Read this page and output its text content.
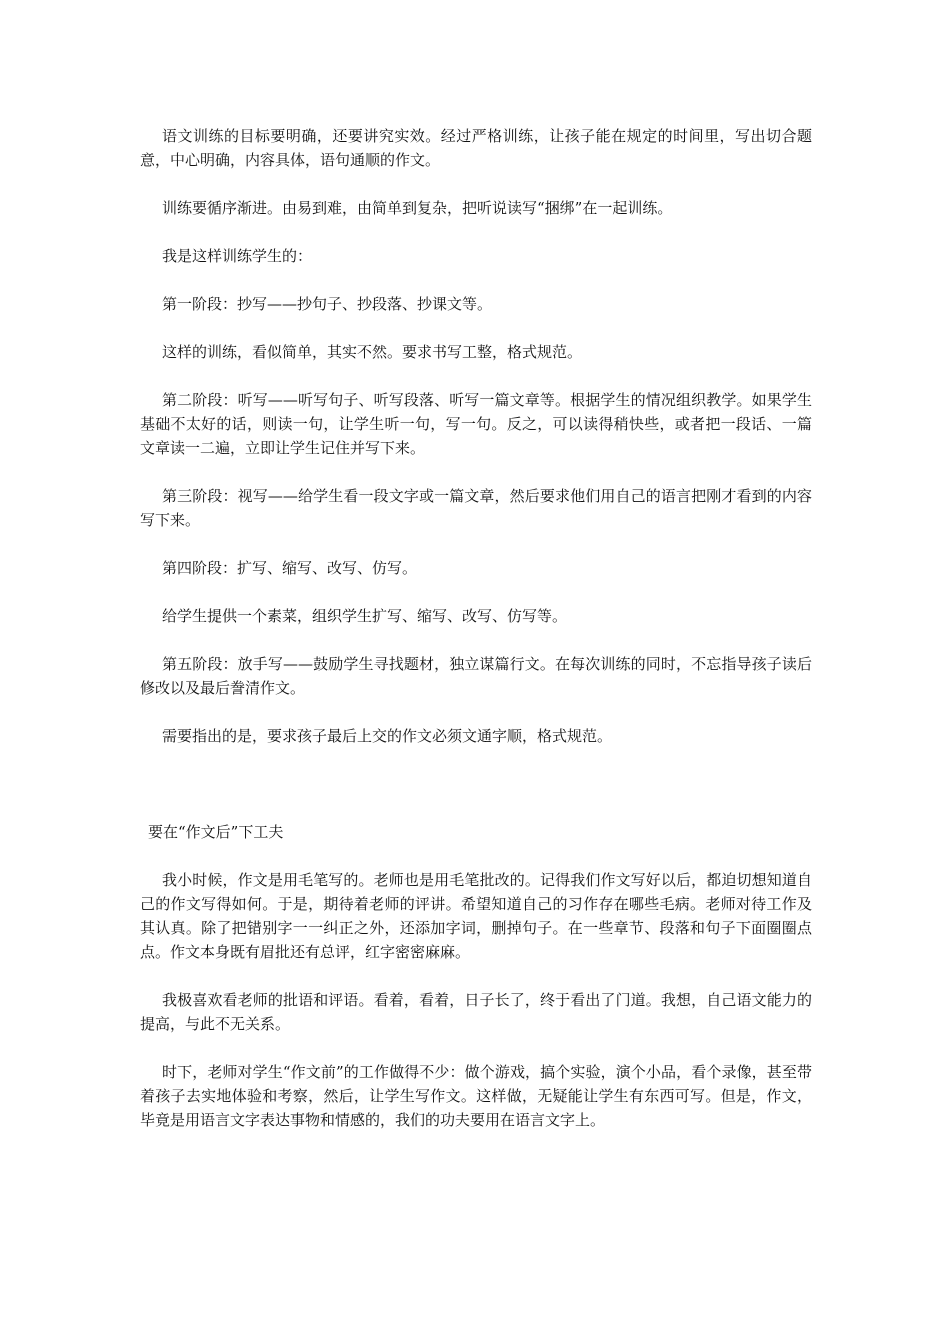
语文训练的目标要明确，还要讲究实效。经过严格训练，让孩子能在规定的时间里，写出切合题意，中心明确，内容具体，语句通顺的作文。

训练要循序渐进。由易到难，由简单到复杂，把听说读写“捆绑”在一起训练。

我是这样训练学生的：

第一阶段：抄写——抄句子、抄段落、抄课文等。

这样的训练，看似简单，其实不然。要求书写工整，格式规范。

第二阶段：听写——听写句子、听写段落、听写一篇文章等。根据学生的情况组织教学。如果学生基础不太好的话，则读一句，让学生听一句，写一句。反之，可以读得稍快些，或者把一段话、一篇文章读一二遍，立即让学生记住并写下来。

第三阶段：视写——给学生看一段文字或一篇文章，然后要求他们用自己的语言把刚才看到的内容写下来。

第四阶段：扩写、缩写、改写、仿写。

给学生提供一个素菜，组织学生扩写、缩写、改写、仿写等。

第五阶段：放手写——鼓励学生寻找题材，独立谋篇行文。在每次训练的同时，不忘指导孩子读后修改以及最后誊清作文。

需要指出的是，要求孩子最后上交的作文必须文通字顺，格式规范。

要在“作文后”下工夫

我小时候，作文是用毛笔写的。老师也是用毛笔批改的。记得我们作文写好以后，都迫切想知道自己的作文写得如何。于是，期待着老师的评讲。希望知道自己的习作存在哪些毛病。老师对待工作及其认真。除了把错别字一一纠正之外，还添加字词，删掉句子。在一些章节、段落和句子下面圈圈点点。作文本身既有眉批还有总评，红字密密麻麻。

我极喜欢看老师的批语和评语。看着，看着，日子长了，终于看出了门道。我想，自己语文能力的提高，与此不无关系。

时下，老师对学生“作文前”的工作做得不少：做个游戏，搞个实验，演个小品，看个录像，甚至带着孩子去实地体验和考察，然后，让学生写作文。这样做，无疑能让学生有东西可写。但是，作文，毕竟是用语言文字表达事物和情感的，我们的功夫要用在语言文字上。
